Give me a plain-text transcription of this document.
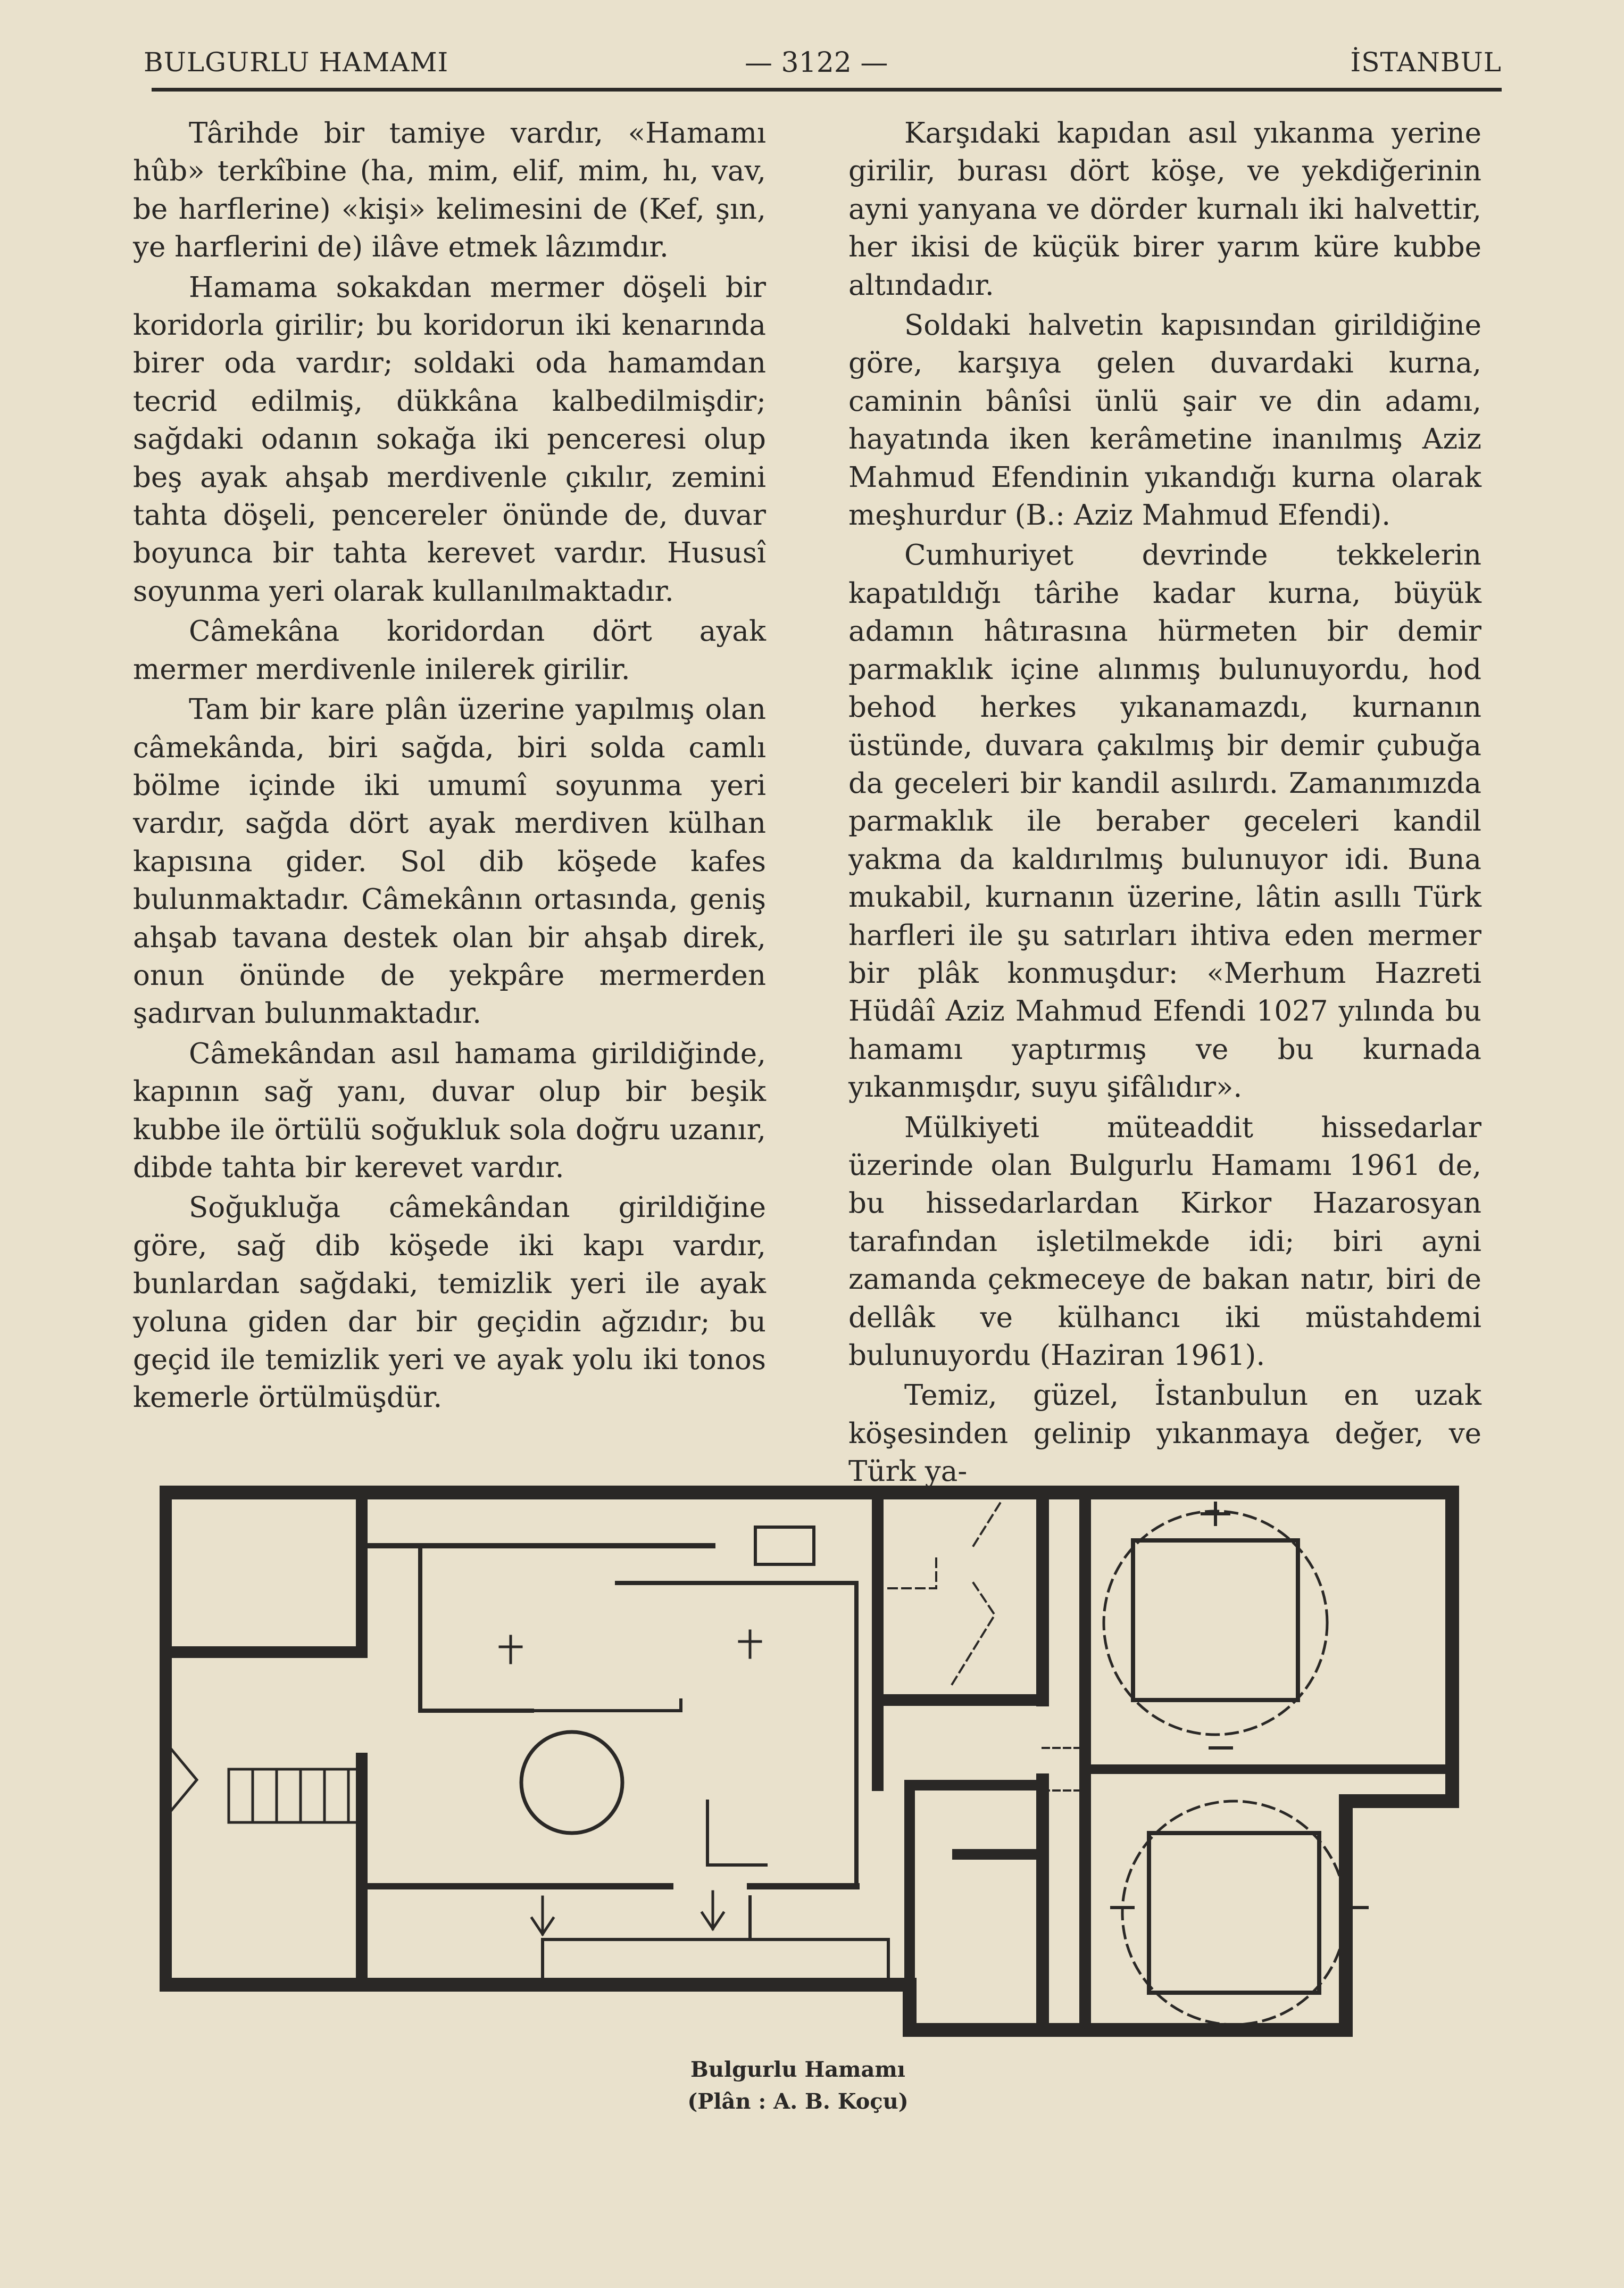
BULGURLU HAMAMI	— 3122 —	İSTANBUL

Târihde bir tamiye vardır, «Hamamı hûb» terkîbine (ha, mim, elif, mim, hı, vav, be harflerine) «kişi» kelimesini de (Kef, şın, ye harflerini de) ilâve etmek lâzımdır.

Hamama sokakdan mermer döşeli bir koridorla girilir; bu koridorun iki kenarında birer oda vardır; soldaki oda hamamdan tecrid edilmiş, dükkâna kalbedilmişdir; sağdaki odanın sokağa iki penceresi olup beş ayak ahşab merdivenle çıkılır, zemini tahta döşeli, pencereler önünde de, duvar boyunca bir tahta kerevet vardır. Hususî soyunma yeri olarak kullanılmaktadır.

Câmekâna koridordan dört ayak mermer merdivenle inilerek girilir.

Tam bir kare plân üzerine yapılmış olan câmekânda, biri sağda, biri solda camlı bölme içinde iki umumî soyunma yeri vardır, sağda dört ayak merdiven külhan kapısına gider. Sol dib köşede kafes bulunmaktadır. Câmekânın ortasında, geniş ahşab tavana destek olan bir ahşab direk, onun önünde de yekpâre mermerden şadırvan bulunmaktadır.

Câmekândan asıl hamama girildiğinde, kapının sağ yanı, duvar olup bir beşik kubbe ile örtülü soğukluk sola doğru uzanır, dibde tahta bir kerevet vardır.

Soğukluğa câmekândan girildiğine göre, sağ dib köşede iki kapı vardır, bunlardan sağdaki, temizlik yeri ile ayak yoluna giden dar bir geçidin ağzıdır; bu geçid ile temizlik yeri ve ayak yolu iki tonos kemerle örtülmüşdür.

Karşıdaki kapıdan asıl yıkanma yerine girilir, burası dört köşe, ve yekdiğerinin ayni yanyana ve dörder kurnalı iki halvettir, her ikisi de küçük birer yarım küre kubbe altındadır.

Soldaki halvetin kapısından girildiğine göre, karşıya gelen duvardaki kurna, caminin bânîsi ünlü şair ve din adamı, hayatında iken kerâmetine inanılmış Aziz Mahmud Efendinin yıkandığı kurna olarak meşhurdur (B.: Aziz Mahmud Efendi).

Cumhuriyet devrinde tekkelerin kapatıldığı târihe kadar kurna, büyük adamın hâtırasına hürmeten bir demir parmaklık içine alınmış bulunuyordu, hod behod herkes yıkanamazdı, kurnanın üstünde, duvara çakılmış bir demir çubuğa da geceleri bir kandil asılırdı. Zamanımızda parmaklık ile beraber geceleri kandil yakma da kaldırılmış bulunuyor idi. Buna mukabil, kurnanın üzerine, lâtin asıllı Türk harfleri ile şu satırları ihtiva eden mermer bir plâk konmuşdur: «Merhum Hazreti Hüdâî Aziz Mahmud Efendi 1027 yılında bu hamamı yaptırmış ve bu kurnada yıkanmışdır, suyu şifâlıdır».

Mülkiyeti müteaddit hissedarlar üzerinde olan Bulgurlu Hamamı 1961 de, bu hissedarlardan Kirkor Hazarosyan tarafından işletilmekde idi; biri ayni zamanda çekmeceye de bakan natır, biri de dellâk ve külhancı iki müstahdemi bulunuyordu (Haziran 1961).

Temiz, güzel, İstanbulun en uzak köşesinden gelinip yıkanmaya değer, ve Türk ya-

Bulgurlu Hamamı
(Plân : A. B. Koçu)
